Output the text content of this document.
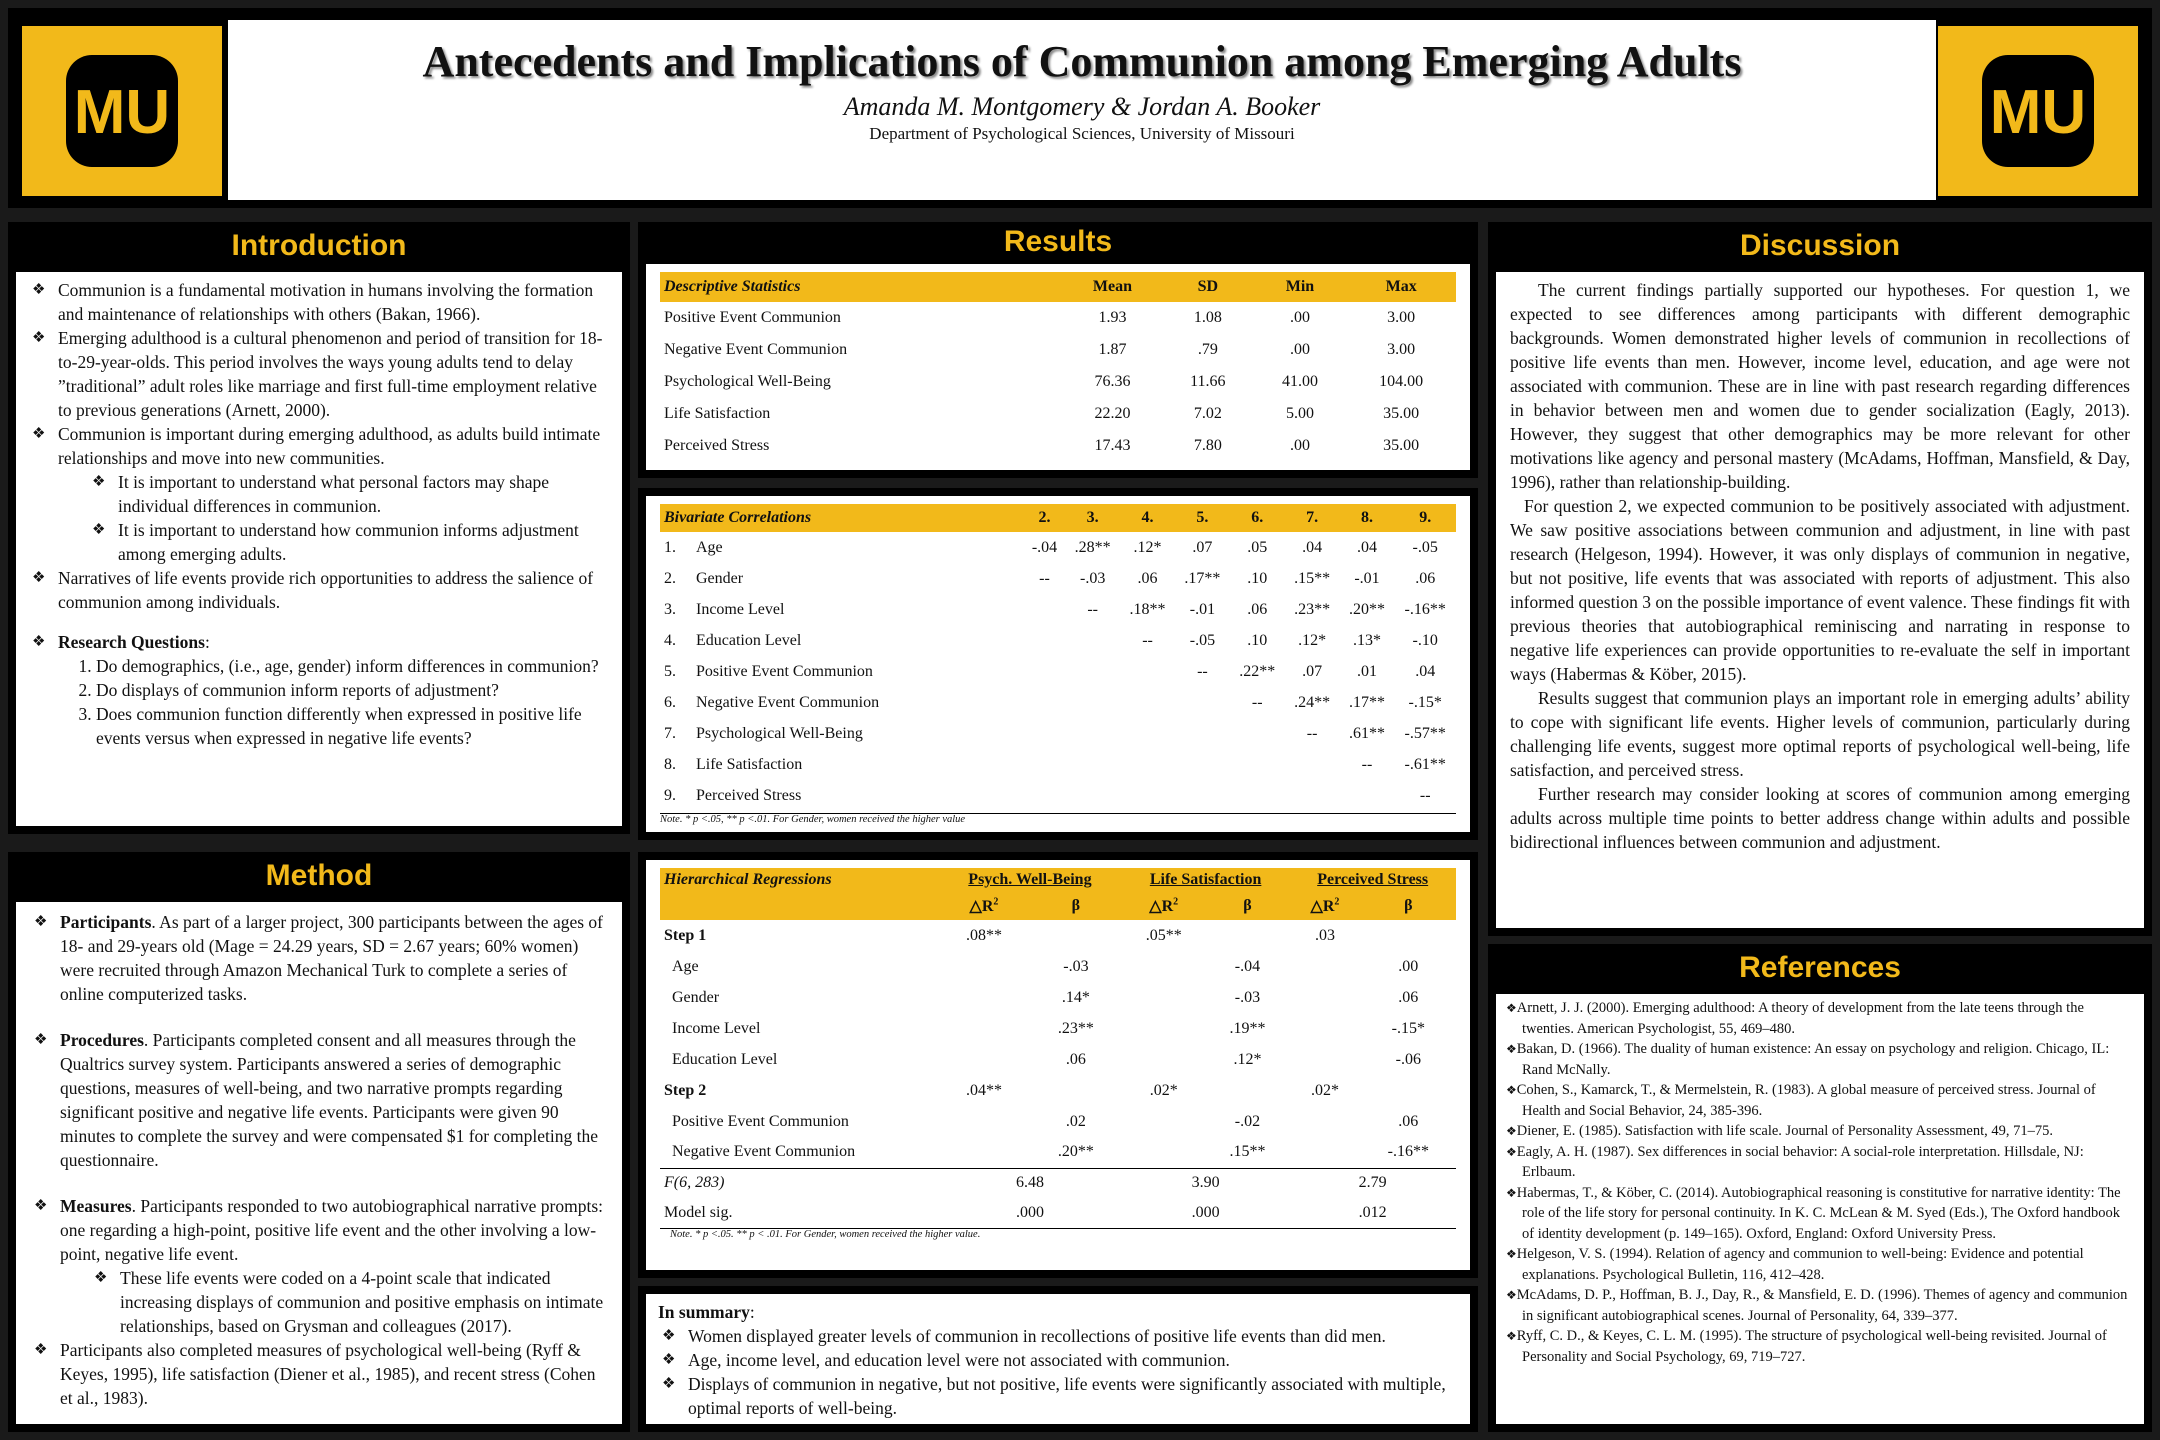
MU
Antecedents and Implications of Communion among Emerging Adults
Amanda M. Montgomery & Jordan A. Booker
Department of Psychological Sciences, University of Missouri	MU
Introduction
❖ Communion is a fundamental motivation in humans involving the formation and maintenance of relationships with others (Bakan, 1966).
❖ Emerging adulthood is a cultural phenomenon and period of transition for 18-to-29-year-olds. This period involves the ways young adults tend to delay ”traditional” adult roles like marriage and first full-time employment relative to previous generations (Arnett, 2000).
❖ Communion is important during emerging adulthood, as adults build intimate relationships and move into new communities.
❖ It is important to understand what personal factors may shape individual differences in communion.
❖ It is important to understand how communion informs adjustment among emerging adults.
❖ Narratives of life events provide rich opportunities to address the salience of communion among individuals.
❖ Research Questions:
1. Do demographics, (i.e., age, gender) inform differences in communion?
2. Do displays of communion inform reports of adjustment?
3. Does communion function differently when expressed in positive life events versus when expressed in negative life events?
Method
❖ Participants. As part of a larger project, 300 participants between the ages of 18- and 29-years old (Mage = 24.29 years, SD = 2.67 years; 60% women) were recruited through Amazon Mechanical Turk to complete a series of online computerized tasks.
❖ Procedures. Participants completed consent and all measures through the Qualtrics survey system. Participants answered a series of demographic questions, measures of well-being, and two narrative prompts regarding significant positive and negative life events. Participants were given 90 minutes to complete the survey and were compensated $1 for completing the questionnaire.
❖ Measures. Participants responded to two autobiographical narrative prompts: one regarding a high-point, positive life event and the other involving a low-point, negative life event.
❖ These life events were coded on a 4-point scale that indicated increasing displays of communion and positive emphasis on intimate relationships, based on Grysman and colleagues (2017).
❖ Participants also completed measures of psychological well-being (Ryff & Keyes, 1995), life satisfaction (Diener et al., 1985), and recent stress (Cohen et al., 1983).
Results
Descriptive Statistics	Mean	SD	Min	Max
Positive Event Communion	1.93	1.08	.00	3.00
Negative Event Communion	1.87	.79	.00	3.00
Psychological Well-Being	76.36	11.66	41.00	104.00
Life Satisfaction	22.20	7.02	5.00	35.00
Perceived Stress	17.43	7.80	.00	35.00
Bivariate Correlations		2.	3.	4.	5.	6.	7.	8.	9.
1.	Age	-.04	.28**	.12*	.07	.05	.04	.04	-.05
2.	Gender	--	-.03	.06	.17**	.10	.15**	-.01	.06
3.	Income Level		--	.18**	-.01	.06	.23**	.20**	-.16**
4.	Education Level			--	-.05	.10	.12*	.13*	-.10
5.	Positive Event Communion				--	.22**	.07	.01	.04
6.	Negative Event Communion					--	.24**	.17**	-.15*
7.	Psychological Well-Being						--	.61**	-.57**
8.	Life Satisfaction							--	-.61**
9.	Perceived Stress								--
Note. * p <.05, ** p <.01. For Gender, women received the higher value
Hierarchical Regressions	Psych. Well-Being		Life Satisfaction		Perceived Stress	
	$\triangle R^2$	β	$\triangle R^2$	β	$\triangle R^2$	β
Step 1	.08**		.05**		.03	
Age		-.03		-.04		.00
Gender		.14*		-.03		.06
Income Level		.23**		.19**		-.15*
Education Level		.06		.12*		-.06
Step 2	.04**		.02*		.02*	
Positive Event Communion		.02		-.02		.06
Negative Event Communion		.20**		.15**		-.16**
F(6, 283)	6.48		3.90		2.79	
Model sig.	.000		.000		.012	
Note. * p <.05. ** p < .01. For Gender, women received the higher value.
In summary:
❖ Women displayed greater levels of communion in recollections of positive life events than did men.
❖ Age, income level, and education level were not associated with communion.
❖ Displays of communion in negative, but not positive, life events were significantly associated with multiple, optimal reports of well-being.
Discussion

The current findings partially supported our hypotheses. For question 1, we expected to see differences among participants with different demographic backgrounds. Women demonstrated higher levels of communion in recollections of positive life events than men. However, income level, education, and age were not associated with communion. These are in line with past research regarding differences in behavior between men and women due to gender socialization (Eagly, 2013). However, they suggest that other demographics may be more relevant for other motivations like agency and personal mastery (McAdams, Hoffman, Mansfield, & Day, 1996), rather than relationship-building.

For question 2, we expected communion to be positively associated with adjustment. We saw positive associations between communion and adjustment, in line with past research (Helgeson, 1994). However, it was only displays of communion in negative, but not positive, life events that was associated with reports of adjustment. This also informed question 3 on the possible importance of event valence. These findings fit with previous theories that autobiographical reminiscing and narrating in response to negative life experiences can provide opportunities to re-evaluate the self in important ways (Habermas & Köber, 2015).

Results suggest that communion plays an important role in emerging adults’ ability to cope with significant life events. Higher levels of communion, particularly during challenging life events, suggest more optimal reports of psychological well-being, life satisfaction, and perceived stress.

Further research may consider looking at scores of communion among emerging adults across multiple time points to better address change within adults and possible bidirectional influences between communion and adjustment.

References
❖ Arnett, J. J. (2000). Emerging adulthood: A theory of development from the late teens through the twenties. American Psychologist, 55, 469–480.
❖ Bakan, D. (1966). The duality of human existence: An essay on psychology and religion. Chicago, IL: Rand McNally.
❖ Cohen, S., Kamarck, T., & Mermelstein, R. (1983). A global measure of perceived stress. Journal of Health and Social Behavior, 24, 385-396.
❖ Diener, E. (1985). Satisfaction with life scale. Journal of Personality Assessment, 49, 71–75.
❖ Eagly, A. H. (1987). Sex differences in social behavior: A social-role interpretation. Hillsdale, NJ: Erlbaum.
❖ Habermas, T., & Köber, C. (2014). Autobiographical reasoning is constitutive for narrative identity: The role of the life story for personal continuity. In K. C. McLean & M. Syed (Eds.), The Oxford handbook of identity development (p. 149–165). Oxford, England: Oxford University Press.
❖ Helgeson, V. S. (1994). Relation of agency and communion to well-being: Evidence and potential explanations. Psychological Bulletin, 116, 412–428.
❖ McAdams, D. P., Hoffman, B. J., Day, R., & Mansfield, E. D. (1996). Themes of agency and communion in significant autobiographical scenes. Journal of Personality, 64, 339–377.
❖ Ryff, C. D., & Keyes, C. L. M. (1995). The structure of psychological well-being revisited. Journal of Personality and Social Psychology, 69, 719–727.
